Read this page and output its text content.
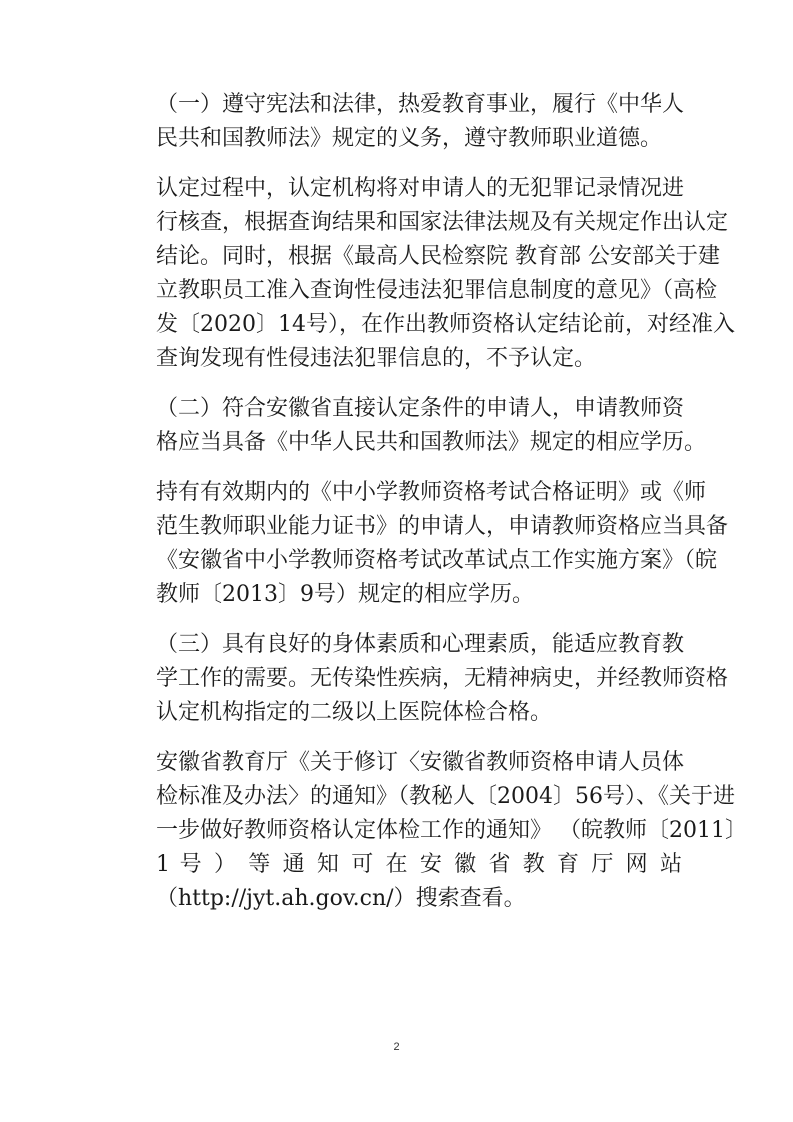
（一）遵守宪法和法律，热爱教育事业，履行《中华人
民共和国教师法》规定的义务，遵守教师职业道德。

认定过程中，认定机构将对申请人的无犯罪记录情况进
行核查，根据查询结果和国家法律法规及有关规定作出认定
结论。同时，根据《最高人民检察院 教育部 公安部关于建
立教职员工准入查询性侵违法犯罪信息制度的意见》（高检
发〔2020〕14号），在作出教师资格认定结论前，对经准入
查询发现有性侵违法犯罪信息的，不予认定。

（二）符合安徽省直接认定条件的申请人，申请教师资
格应当具备《中华人民共和国教师法》规定的相应学历。

持有有效期内的《中小学教师资格考试合格证明》或《师
范生教师职业能力证书》的申请人，申请教师资格应当具备
《安徽省中小学教师资格考试改革试点工作实施方案》（皖
教师〔2013〕9号）规定的相应学历。

（三）具有良好的身体素质和心理素质，能适应教育教
学工作的需要。无传染性疾病，无精神病史，并经教师资格
认定机构指定的二级以上医院体检合格。

安徽省教育厅《关于修订〈安徽省教师资格申请人员体
检标准及办法〉的通知》（教秘人〔2004〕56号）、《关于进
一步做好教师资格认定体检工作的通知》 （皖教师〔2011〕
1 号 ） 等 通 知 可 在 安 徽 省 教 育 厅 网 站
（http://jyt.ah.gov.cn/）搜索查看。

2
